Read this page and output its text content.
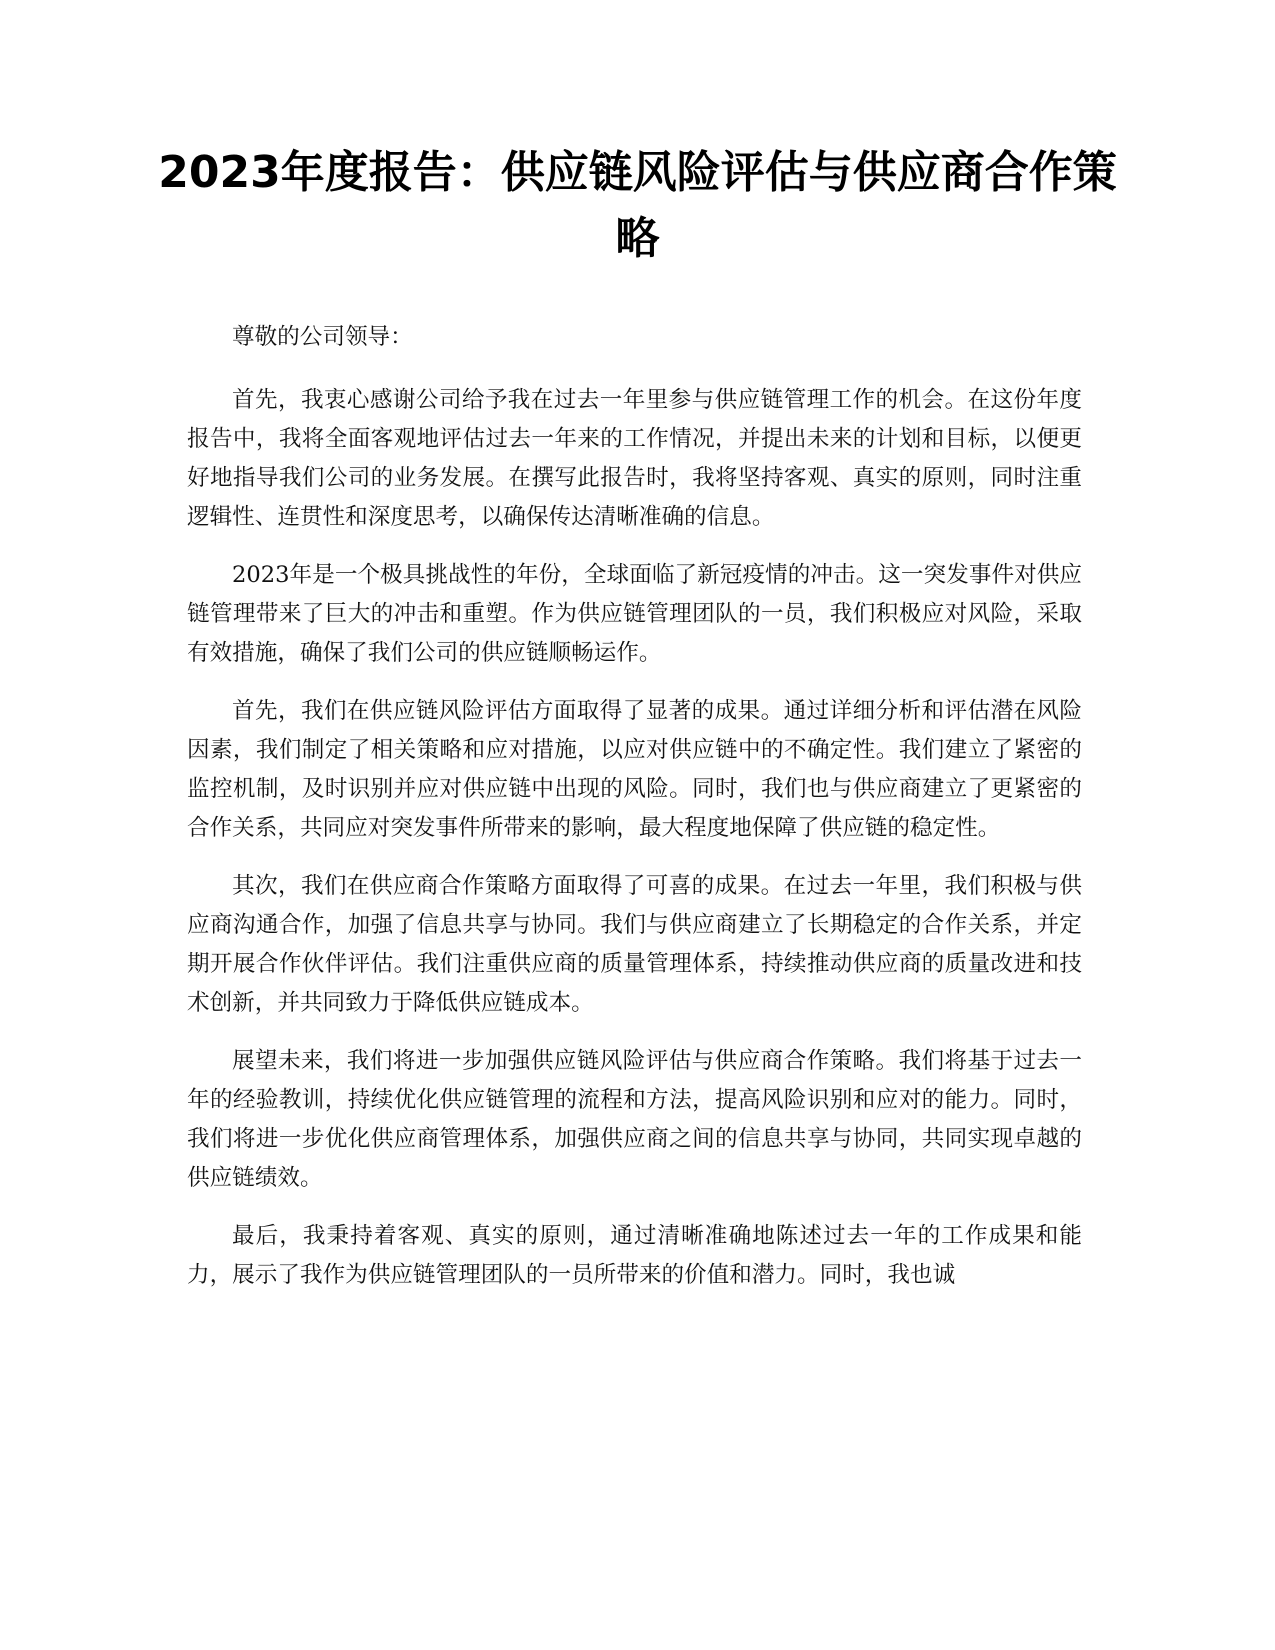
2023年度报告：供应链风险评估与供应商合作策略

尊敬的公司领导：

首先，我衷心感谢公司给予我在过去一年里参与供应链管理工作的机会。在这份年度报告中，我将全面客观地评估过去一年来的工作情况，并提出未来的计划和目标，以便更好地指导我们公司的业务发展。在撰写此报告时，我将坚持客观、真实的原则，同时注重逻辑性、连贯性和深度思考，以确保传达清晰准确的信息。

2023年是一个极具挑战性的年份，全球面临了新冠疫情的冲击。这一突发事件对供应链管理带来了巨大的冲击和重塑。作为供应链管理团队的一员，我们积极应对风险，采取有效措施，确保了我们公司的供应链顺畅运作。

首先，我们在供应链风险评估方面取得了显著的成果。通过详细分析和评估潜在风险因素，我们制定了相关策略和应对措施，以应对供应链中的不确定性。我们建立了紧密的监控机制，及时识别并应对供应链中出现的风险。同时，我们也与供应商建立了更紧密的合作关系，共同应对突发事件所带来的影响，最大程度地保障了供应链的稳定性。

其次，我们在供应商合作策略方面取得了可喜的成果。在过去一年里，我们积极与供应商沟通合作，加强了信息共享与协同。我们与供应商建立了长期稳定的合作关系，并定期开展合作伙伴评估。我们注重供应商的质量管理体系，持续推动供应商的质量改进和技术创新，并共同致力于降低供应链成本。

展望未来，我们将进一步加强供应链风险评估与供应商合作策略。我们将基于过去一年的经验教训，持续优化供应链管理的流程和方法，提高风险识别和应对的能力。同时，我们将进一步优化供应商管理体系，加强供应商之间的信息共享与协同，共同实现卓越的供应链绩效。

最后，我秉持着客观、真实的原则，通过清晰准确地陈述过去一年的工作成果和能力，展示了我作为供应链管理团队的一员所带来的价值和潜力。同时，我也诚
